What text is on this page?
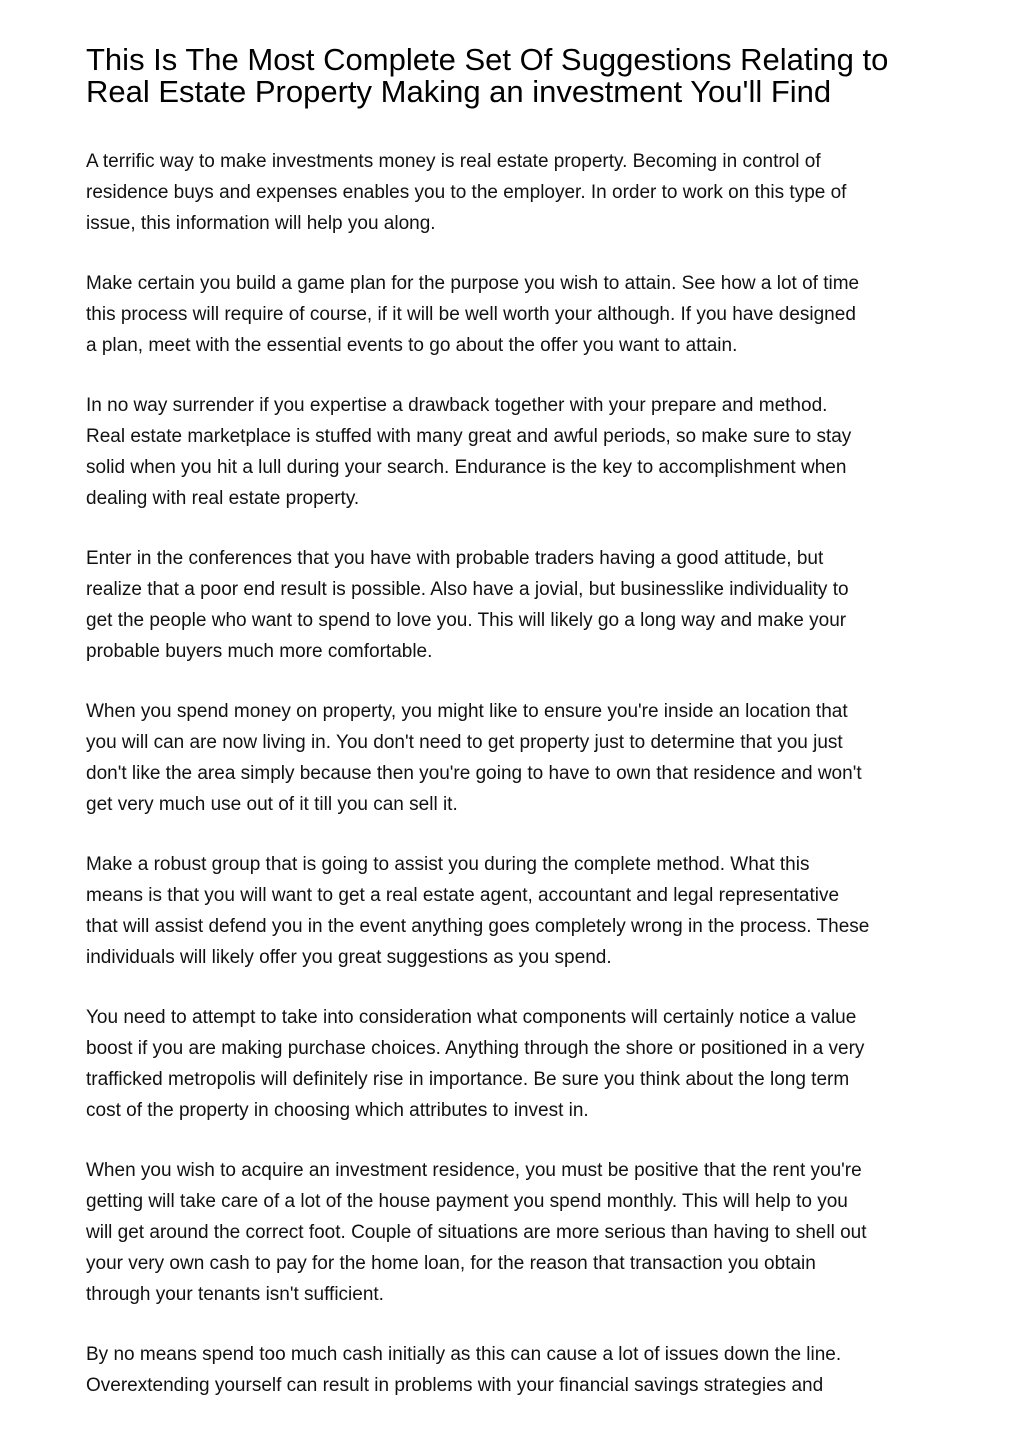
This Is The Most Complete Set Of Suggestions Relating to
Real Estate Property Making an investment You'll Find

A terrific way to make investments money is real estate property. Becoming in control of
residence buys and expenses enables you to the employer. In order to work on this type of
issue, this information will help you along.

Make certain you build a game plan for the purpose you wish to attain. See how a lot of time
this process will require of course, if it will be well worth your although. If you have designed
a plan, meet with the essential events to go about the offer you want to attain.

In no way surrender if you expertise a drawback together with your prepare and method.
Real estate marketplace is stuffed with many great and awful periods, so make sure to stay
solid when you hit a lull during your search. Endurance is the key to accomplishment when
dealing with real estate property.

Enter in the conferences that you have with probable traders having a good attitude, but
realize that a poor end result is possible. Also have a jovial, but businesslike individuality to
get the people who want to spend to love you. This will likely go a long way and make your
probable buyers much more comfortable.

When you spend money on property, you might like to ensure you're inside an location that
you will can are now living in. You don't need to get property just to determine that you just
don't like the area simply because then you're going to have to own that residence and won't
get very much use out of it till you can sell it.

Make a robust group that is going to assist you during the complete method. What this
means is that you will want to get a real estate agent, accountant and legal representative
that will assist defend you in the event anything goes completely wrong in the process. These
individuals will likely offer you great suggestions as you spend.

You need to attempt to take into consideration what components will certainly notice a value
boost if you are making purchase choices. Anything through the shore or positioned in a very
trafficked metropolis will definitely rise in importance. Be sure you think about the long term
cost of the property in choosing which attributes to invest in.

When you wish to acquire an investment residence, you must be positive that the rent you're
getting will take care of a lot of the house payment you spend monthly. This will help to you
will get around the correct foot. Couple of situations are more serious than having to shell out
your very own cash to pay for the home loan, for the reason that transaction you obtain
through your tenants isn't sufficient.

By no means spend too much cash initially as this can cause a lot of issues down the line.
Overextending yourself can result in problems with your financial savings strategies and
